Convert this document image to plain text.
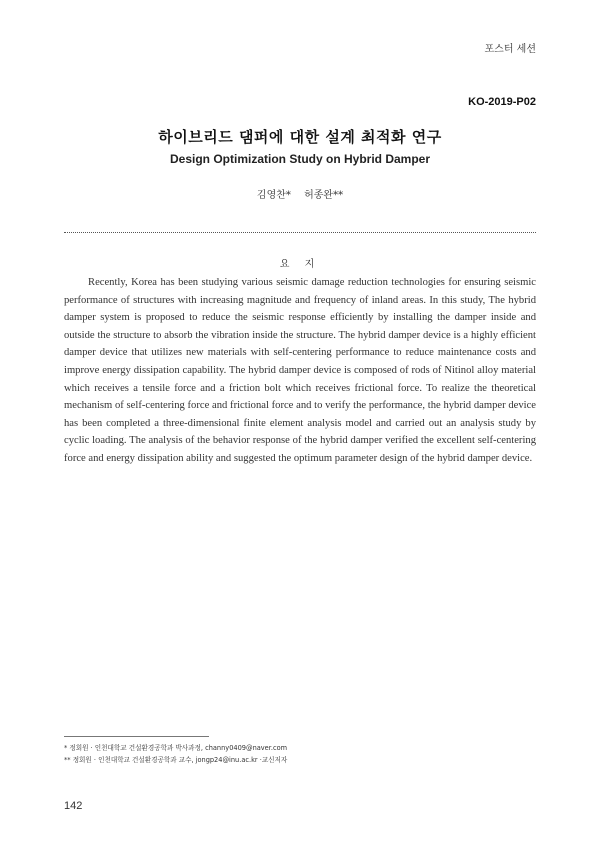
포스터 세션
KO-2019-P02
하이브리드 댐퍼에 대한 설계 최적화 연구
Design Optimization Study on Hybrid Damper
김영찬* 허종완**
요 지

Recently, Korea has been studying various seismic damage reduction technologies for ensuring seismic performance of structures with increasing magnitude and frequency of inland areas. In this study, The hybrid damper system is proposed to reduce the seismic response efficiently by installing the damper inside and outside the structure to absorb the vibration inside the structure. The hybrid damper device is a highly efficient damper device that utilizes new materials with self-centering performance to reduce maintenance costs and improve energy dissipation capability. The hybrid damper device is composed of rods of Nitinol alloy material which receives a tensile force and a friction bolt which receives frictional force. To realize the theoretical mechanism of self-centering force and frictional force and to verify the performance, the hybrid damper device has been completed a three-dimensional finite element analysis model and carried out an analysis study by cyclic loading. The analysis of the behavior response of the hybrid damper verified the excellent self-centering force and energy dissipation ability and suggested the optimum parameter design of the hybrid damper device.

* 정회원 · 인천대학교 건설환경공학과 박사과정, channy0409@naver.com
** 정회원 · 인천대학교 건설환경공학과 교수, jongp24@inu.ac.kr ·교신저자
142
